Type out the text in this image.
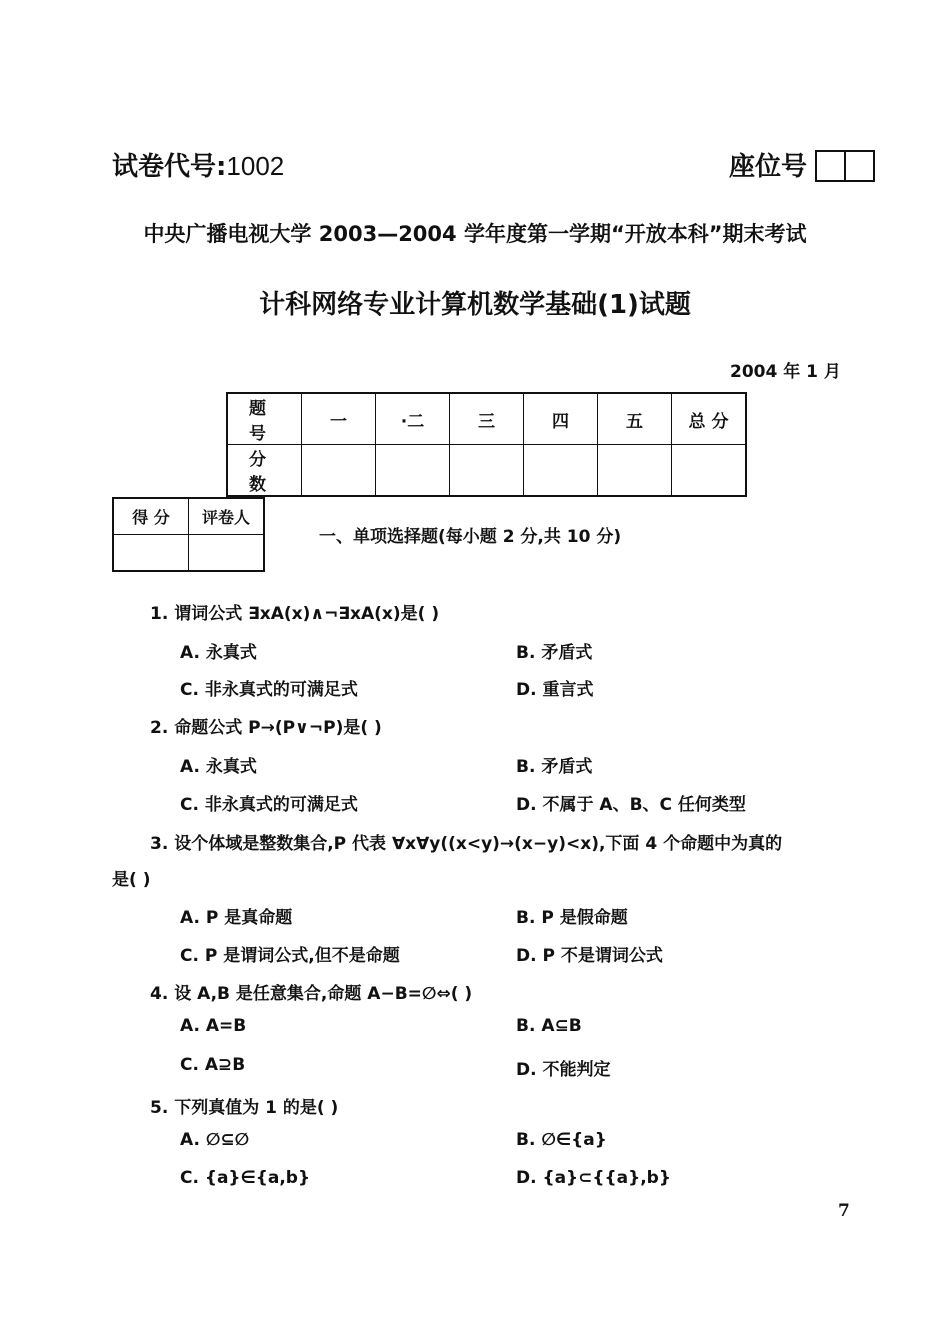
试卷代号:1002	座位号
中央广播电视大学 2003—2004 学年度第一学期“开放本科”期末考试
计科网络专业计算机数学基础(1)试题
2004 年 1 月
题 号	一	·二	三	四	五	总 分
分 数						
得 分	评卷人

一、单项选择题(每小题 2 分,共 10 分)
1. 谓词公式 ∃xA(x)∧¬∃xA(x)是( )
A. 永真式	B. 矛盾式
C. 非永真式的可满足式	D. 重言式
2. 命题公式 P→(P∨¬P)是( )
A. 永真式	B. 矛盾式
C. 非永真式的可满足式	D. 不属于 A、B、C 任何类型
3. 设个体域是整数集合,P 代表 ∀x∀y((x<y)→(x−y)<x),下面 4 个命题中为真的
是( )
A. P 是真命题	B. P 是假命题
C. P 是谓词公式,但不是命题	D. P 不是谓词公式
4. 设 A,B 是任意集合,命题 A−B=∅⇔( )
A. A=B	B. A⊆B
C. A⊇B	D. 不能判定
5. 下列真值为 1 的是( )
A. ∅⊆∅	B. ∅∈{a}
C. {a}∈{a,b}	D. {a}⊂{{a},b}
7
